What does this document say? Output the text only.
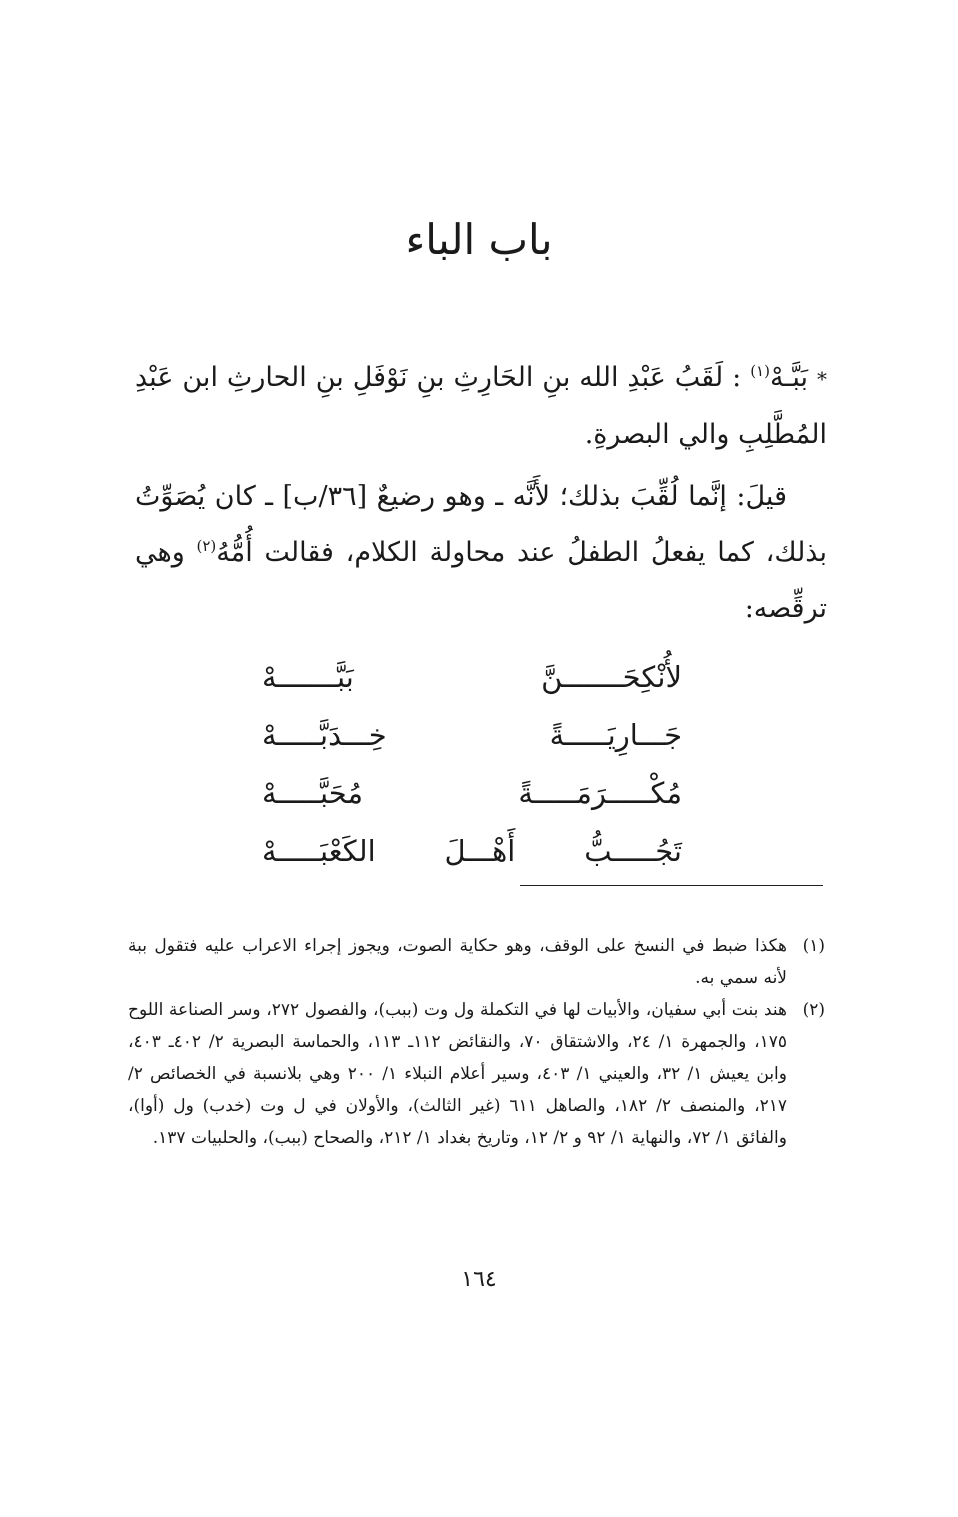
باب الباء

* بَبَّـهْ$^{(١)}$ : لَقَبُ عَبْدِ الله بنِ الحَارِثِ بنِ نَوْفَلِ بنِ الحارثِ ابن عَبْدِ المُطَّلِبِ والي البصرةِ.

قيلَ: إنَّما لُقِّبَ بذلك؛ لأَنَّه ـ وهو رضيعٌ [٣٦/ب] ـ كان يُصَوِّتُ بذلك، كما يفعلُ الطفلُ عند محاولة الكلام، فقالت أُمُّهُ$^{(٢)}$ وهي ترقِّصه:

لأُنْكِحَـــــــنَّ بَبَّـــــــهْ
جَـــارِيَـــــةً خِـــدَبَّـــــهْ
مُكْـــــرَمَـــــةً مُحَبَّـــــهْ
تَجُـــــبُّ أَهْـــلَ الكَعْبَـــــهْ
(١)
هكذا ضبط في النسخ على الوقف، وهو حكاية الصوت، ويجوز إجراء الاعراب عليه فتقول ببة لأنه سمي به.
(٢)
هند بنت أبي سفيان، والأبيات لها في التكملة ول وت (ببب)، والفصول ٢٧٢، وسر الصناعة اللوح ١٧٥، والجمهرة ١/ ٢٤، والاشتقاق ٧٠، والنقائض ١١٢ـ ١١٣، والحماسة البصرية ٢/ ٤٠٢ـ ٤٠٣، وابن يعيش ١/ ٣٢، والعيني ١/ ٤٠٣، وسير أعلام النبلاء ١/ ٢٠٠ وهي بلانسبة في الخصائص ٢/ ٢١٧، والمنصف ٢/ ١٨٢، والصاهل ٦١١ (غير الثالث)، والأولان في ل وت (خدب) ول (أوا)، والفائق ١/ ٧٢، والنهاية ١/ ٩٢ و ٢/ ١٢، وتاريخ بغداد ١/ ٢١٢، والصحاح (ببب)، والحلبيات ١٣٧.
١٦٤
